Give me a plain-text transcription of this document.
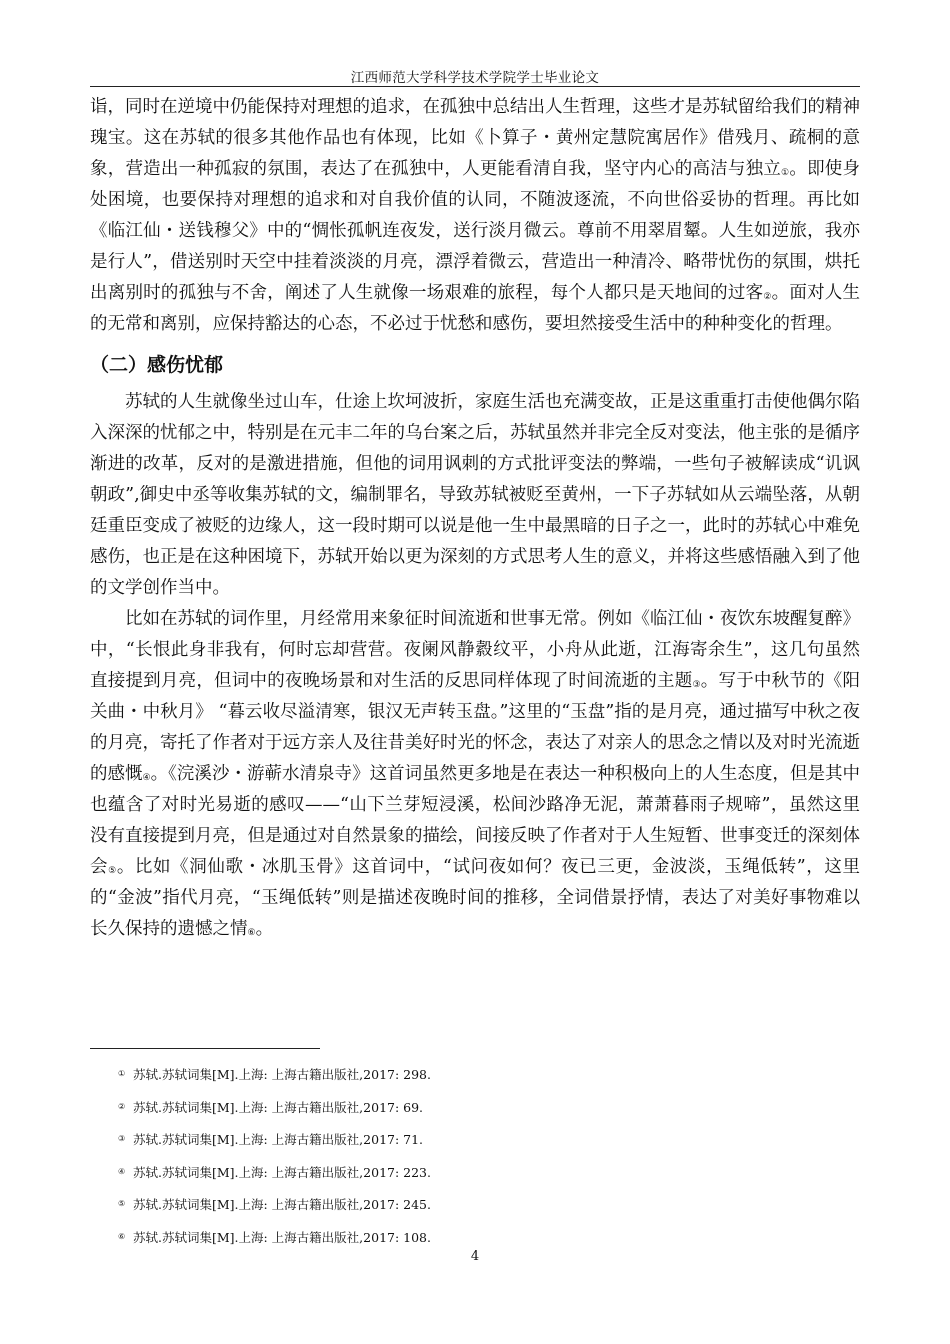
江西师范大学科学技术学院学士毕业论文

诣，同时在逆境中仍能保持对理想的追求，在孤独中总结出人生哲理，这些才是苏轼留给我们的精神瑰宝。这在苏轼的很多其他作品也有体现，比如《卜算子・黄州定慧院寓居作》借残月、疏桐的意象，营造出一种孤寂的氛围，表达了在孤独中，人更能看清自我，坚守内心的高洁与独立①。即使身处困境，也要保持对理想的追求和对自我价值的认同，不随波逐流，不向世俗妥协的哲理。再比如《临江仙・送钱穆父》中的“惆怅孤帆连夜发，送行淡月微云。尊前不用翠眉颦。人生如逆旅，我亦是行人”，借送别时天空中挂着淡淡的月亮，漂浮着微云，营造出一种清冷、略带忧伤的氛围，烘托出离别时的孤独与不舍，阐述了人生就像一场艰难的旅程，每个人都只是天地间的过客②。面对人生的无常和离别，应保持豁达的心态，不必过于忧愁和感伤，要坦然接受生活中的种种变化的哲理。

（二）感伤忧郁

苏轼的人生就像坐过山车，仕途上坎坷波折，家庭生活也充满变故，正是这重重打击使他偶尔陷入深深的忧郁之中，特别是在元丰二年的乌台案之后，苏轼虽然并非完全反对变法，他主张的是循序渐进的改革，反对的是激进措施，但他的词用讽刺的方式批评变法的弊端，一些句子被解读成“讥讽朝政”,御史中丞等收集苏轼的文，编制罪名，导致苏轼被贬至黄州，一下子苏轼如从云端坠落，从朝廷重臣变成了被贬的边缘人，这一段时期可以说是他一生中最黑暗的日子之一，此时的苏轼心中难免感伤，也正是在这种困境下，苏轼开始以更为深刻的方式思考人生的意义，并将这些感悟融入到了他的文学创作当中。

比如在苏轼的词作里，月经常用来象征时间流逝和世事无常。例如《临江仙・夜饮东坡醒复醉》中，“长恨此身非我有，何时忘却营营。夜阑风静縠纹平，小舟从此逝，江海寄余生”，这几句虽然直接提到月亮，但词中的夜晚场景和对生活的反思同样体现了时间流逝的主题③。写于中秋节的《阳关曲・中秋月》 “暮云收尽溢清寒，银汉无声转玉盘。”这里的“玉盘”指的是月亮，通过描写中秋之夜的月亮，寄托了作者对于远方亲人及往昔美好时光的怀念，表达了对亲人的思念之情以及对时光流逝的感慨④。《浣溪沙・游蕲水清泉寺》这首词虽然更多地是在表达一种积极向上的人生态度，但是其中也蕴含了对时光易逝的感叹——“山下兰芽短浸溪，松间沙路净无泥，萧萧暮雨子规啼”，虽然这里没有直接提到月亮，但是通过对自然景象的描绘，间接反映了作者对于人生短暂、世事变迁的深刻体会⑤。比如《洞仙歌・冰肌玉骨》这首词中，“试问夜如何？夜已三更，金波淡，玉绳低转”，这里的“金波”指代月亮，“玉绳低转”则是描述夜晚时间的推移，全词借景抒情，表达了对美好事物难以长久保持的遗憾之情⑥。

① 苏轼.苏轼词集[M].上海: 上海古籍出版社,2017: 298.
② 苏轼.苏轼词集[M].上海: 上海古籍出版社,2017: 69.
③ 苏轼.苏轼词集[M].上海: 上海古籍出版社,2017: 71.
④ 苏轼.苏轼词集[M].上海: 上海古籍出版社,2017: 223.
⑤ 苏轼.苏轼词集[M].上海: 上海古籍出版社,2017: 245.
⑥ 苏轼.苏轼词集[M].上海: 上海古籍出版社,2017: 108.
4
